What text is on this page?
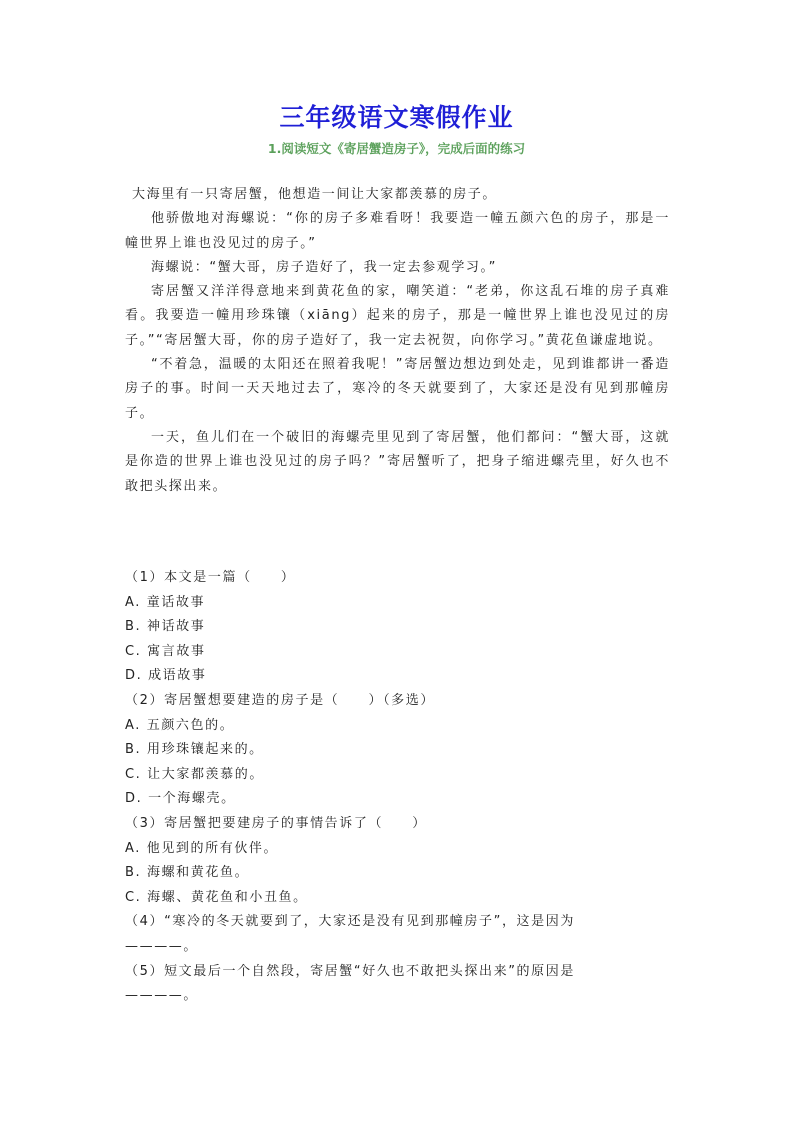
三年级语文寒假作业
1.阅读短文《寄居蟹造房子》，完成后面的练习

大海里有一只寄居蟹，他想造一间让大家都羡慕的房子。

他骄傲地对海螺说：“你的房子多难看呀！我要造一幢五颜六色的房子，那是一幢世界上谁也没见过的房子。”

海螺说：“蟹大哥，房子造好了，我一定去参观学习。”

寄居蟹又洋洋得意地来到黄花鱼的家，嘲笑道：“老弟，你这乱石堆的房子真难看。我要造一幢用珍珠镶（xiāng）起来的房子，那是一幢世界上谁也没见过的房子。”“寄居蟹大哥，你的房子造好了，我一定去祝贺，向你学习。”黄花鱼谦虚地说。

“不着急，温暖的太阳还在照着我呢！”寄居蟹边想边到处走，见到谁都讲一番造房子的事。时间一天天地过去了，寒冷的冬天就要到了，大家还是没有见到那幢房子。

一天，鱼儿们在一个破旧的海螺壳里见到了寄居蟹，他们都问：“蟹大哥，这就是你造的世界上谁也没见过的房子吗？”寄居蟹听了，把身子缩进螺壳里，好久也不敢把头探出来。

（1）本文是一篇（　　）
A. 童话故事
B. 神话故事
C. 寓言故事
D. 成语故事
（2）寄居蟹想要建造的房子是（　　）（多选）
A. 五颜六色的。
B. 用珍珠镶起来的。
C. 让大家都羡慕的。
D. 一个海螺壳。
（3）寄居蟹把要建房子的事情告诉了（　　）
A. 他见到的所有伙伴。
B. 海螺和黄花鱼。
C. 海螺、黄花鱼和小丑鱼。
（4）“寒冷的冬天就要到了，大家还是没有见到那幢房子”，这是因为
————。
（5）短文最后一个自然段，寄居蟹“好久也不敢把头探出来”的原因是
————。
